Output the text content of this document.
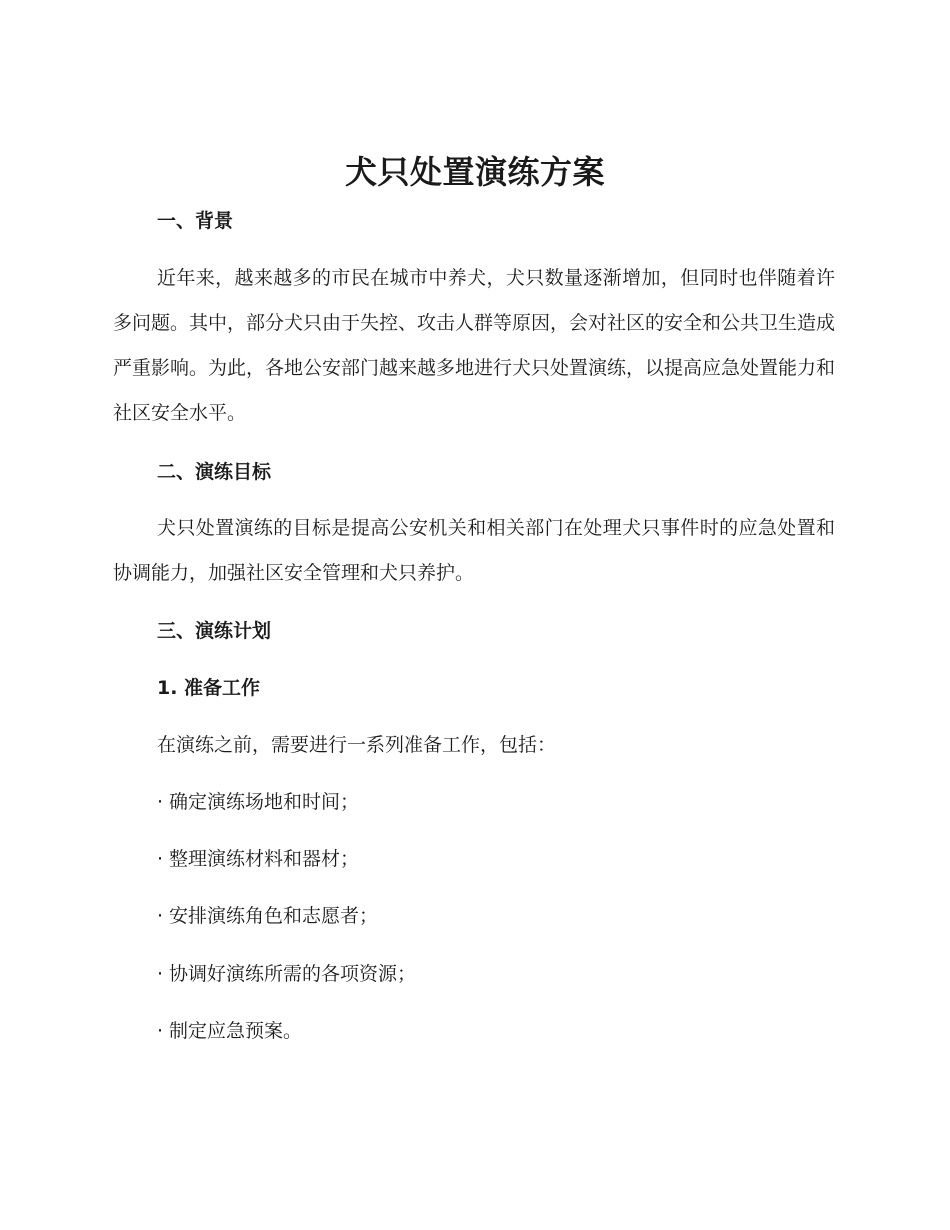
犬只处置演练方案
一、背景

近年来，越来越多的市民在城市中养犬，犬只数量逐渐增加，但同时也伴随着许多问题。其中，部分犬只由于失控、攻击人群等原因，会对社区的安全和公共卫生造成严重影响。为此，各地公安部门越来越多地进行犬只处置演练，以提高应急处置能力和社区安全水平。

二、演练目标

犬只处置演练的目标是提高公安机关和相关部门在处理犬只事件时的应急处置和协调能力，加强社区安全管理和犬只养护。

三、演练计划
1. 准备工作
在演练之前，需要进行一系列准备工作，包括：
· 确定演练场地和时间；
· 整理演练材料和器材；
· 安排演练角色和志愿者；
· 协调好演练所需的各项资源；
· 制定应急预案。
